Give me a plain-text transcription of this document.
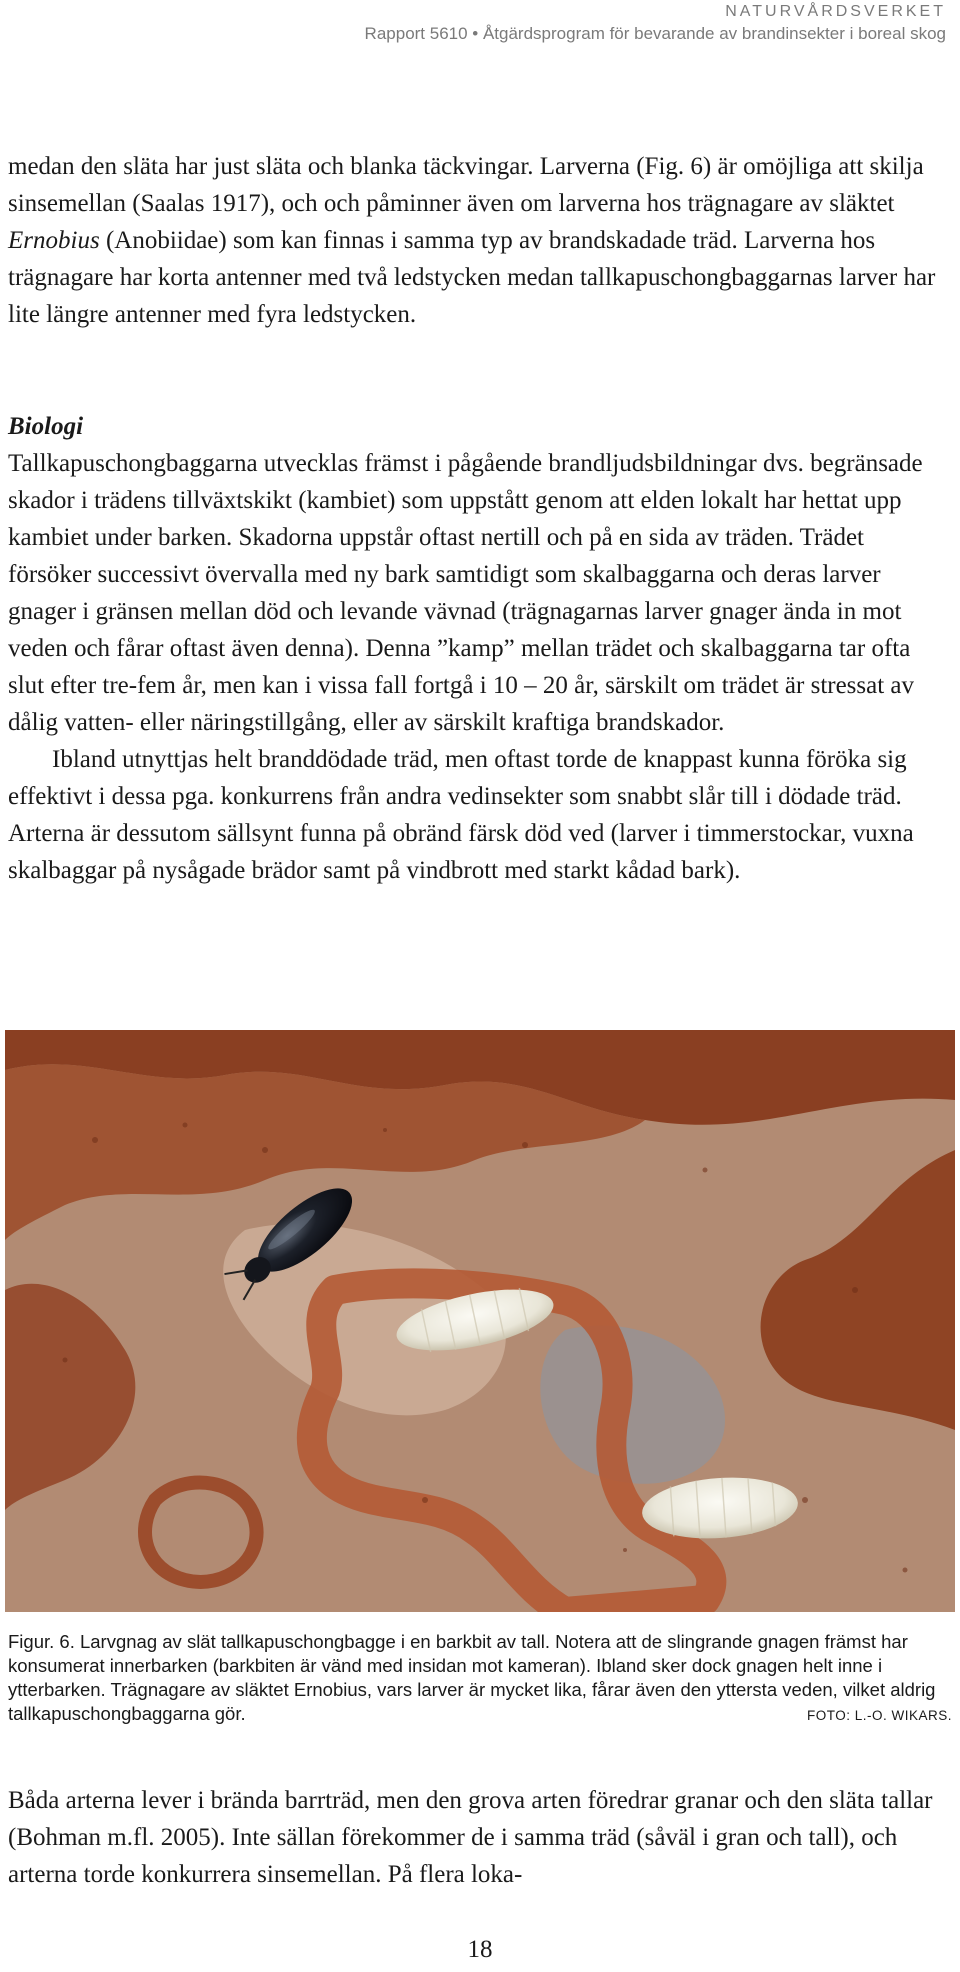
NATURVÅRDSVERKET
Rapport 5610 • Åtgärdsprogram för bevarande av brandinsekter i boreal skog

medan den släta har just släta och blanka täckvingar. Larverna (Fig. 6) är omöjliga att skilja sinsemellan (Saalas 1917), och och påminner även om larverna hos trägnagare av släktet Ernobius (Anobiidae) som kan finnas i samma typ av brandskadade träd. Larverna hos trägnagare har korta antenner med två ledstycken medan tallkapuschongbaggarnas larver har lite längre antenner med fyra ledstycken.

Biologi

Tallkapuschongbaggarna utvecklas främst i pågående brandljudsbildningar dvs. begränsade skador i trädens tillväxtskikt (kambiet) som uppstått genom att elden lokalt har hettat upp kambiet under barken. Skadorna uppstår oftast nertill och på en sida av träden. Trädet försöker successivt övervalla med ny bark samtidigt som skalbaggarna och deras larver gnager i gränsen mellan död och levande vävnad (trägnagarnas larver gnager ända in mot veden och fårar oftast även denna). Denna ”kamp” mellan trädet och skalbaggarna tar ofta slut efter tre-fem år, men kan i vissa fall fortgå i 10 – 20 år, särskilt om trädet är stressat av dålig vatten- eller näringstillgång, eller av särskilt kraftiga brandskador.

Ibland utnyttjas helt branddödade träd, men oftast torde de knappast kunna föröka sig effektivt i dessa pga. konkurrens från andra vedinsekter som snabbt slår till i dödade träd. Arterna är dessutom sällsynt funna på obränd färsk död ved (larver i timmerstockar, vuxna skalbaggar på nysågade brädor samt på vindbrott med starkt kådad bark).

Figur. 6. Larvgnag av slät tallkapuschongbagge i en barkbit av tall. Notera att de slingrande gnagen främst har konsumerat innerbarken (barkbiten är vänd med insidan mot kameran). Ibland sker dock gnagen helt inne i ytterbarken. Trägnagare av släktet Ernobius, vars larver är mycket lika, fårar även den yttersta veden, vilket aldrig tallkapuschongbaggarna gör.	FOTO: L.-O. WIKARS.

Båda arterna lever i brända barrträd, men den grova arten föredrar granar och den släta tallar (Bohman m.fl. 2005). Inte sällan förekommer de i samma träd (såväl i gran och tall), och arterna torde konkurrera sinsemellan. På flera loka-

18
